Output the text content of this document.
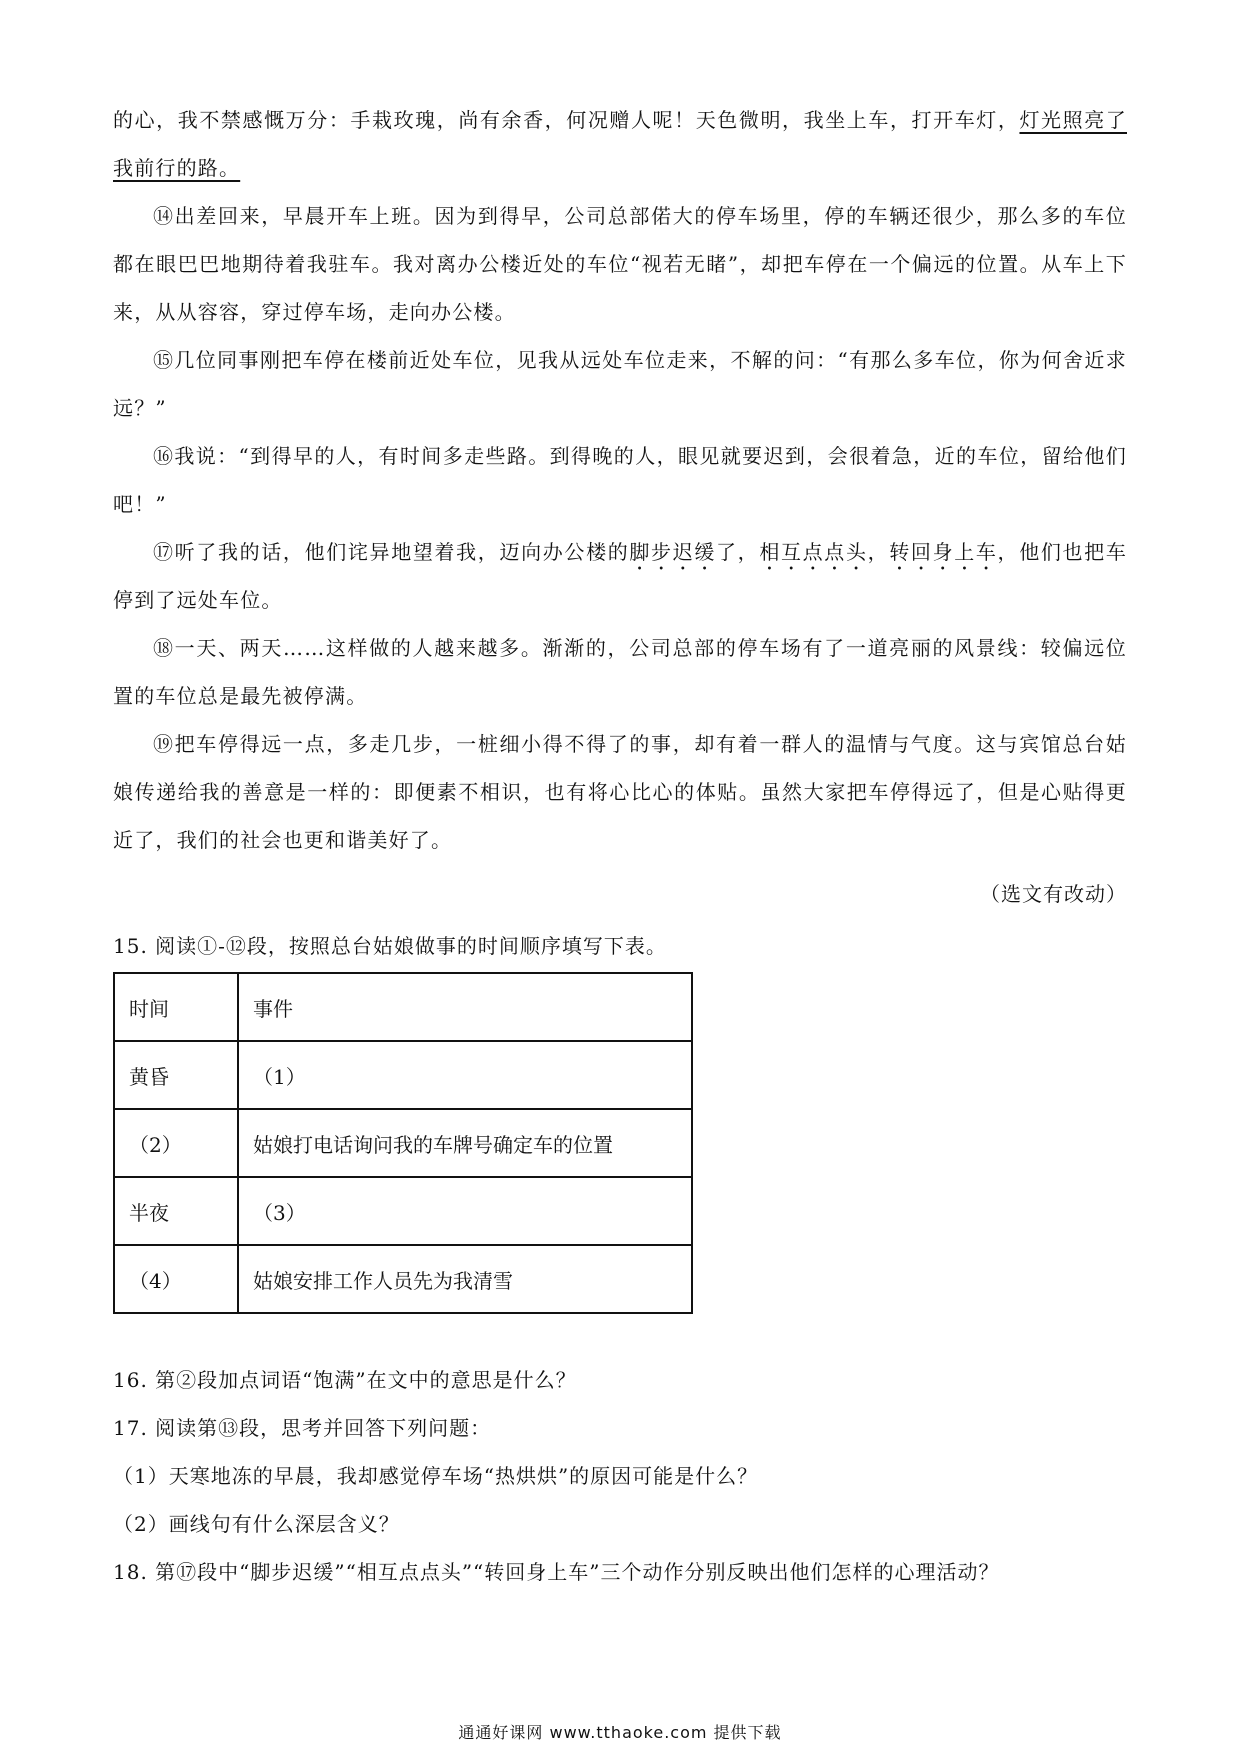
的心，我不禁感慨万分：手栽玫瑰，尚有余香，何况赠人呢！天色微明，我坐上车，打开车灯，灯光照亮了我前行的路。
⑭出差回来，早晨开车上班。因为到得早，公司总部偌大的停车场里，停的车辆还很少，那么多的车位都在眼巴巴地期待着我驻车。我对离办公楼近处的车位“视若无睹”，却把车停在一个偏远的位置。从车上下来，从从容容，穿过停车场，走向办公楼。
⑮几位同事刚把车停在楼前近处车位，见我从远处车位走来，不解的问：“有那么多车位，你为何舍近求远？”
⑯我说：“到得早的人，有时间多走些路。到得晚的人，眼见就要迟到，会很着急，近的车位，留给他们吧！”
⑰听了我的话，他们诧异地望着我，迈向办公楼的脚步迟缓了，相互点点头，转回身上车，他们也把车停到了远处车位。
⑱一天、两天……这样做的人越来越多。渐渐的，公司总部的停车场有了一道亮丽的风景线：较偏远位置的车位总是最先被停满。
⑲把车停得远一点，多走几步，一桩细小得不得了的事，却有着一群人的温情与气度。这与宾馆总台姑娘传递给我的善意是一样的：即便素不相识，也有将心比心的体贴。虽然大家把车停得远了，但是心贴得更近了，我们的社会也更和谐美好了。
（选文有改动）
15. 阅读①-⑫段，按照总台姑娘做事的时间顺序填写下表。
时间	事件
黄昏	（1）
（2）	姑娘打电话询问我的车牌号确定车的位置
半夜	（3）
（4）	姑娘安排工作人员先为我清雪
16. 第②段加点词语“饱满”在文中的意思是什么？
17. 阅读第⑬段，思考并回答下列问题：
（1）天寒地冻的早晨，我却感觉停车场“热烘烘”的原因可能是什么？
（2）画线句有什么深层含义？
18. 第⑰段中“脚步迟缓”“相互点点头”“转回身上车”三个动作分别反映出他们怎样的心理活动？
通通好课网 www.tthaoke.com 提供下载
